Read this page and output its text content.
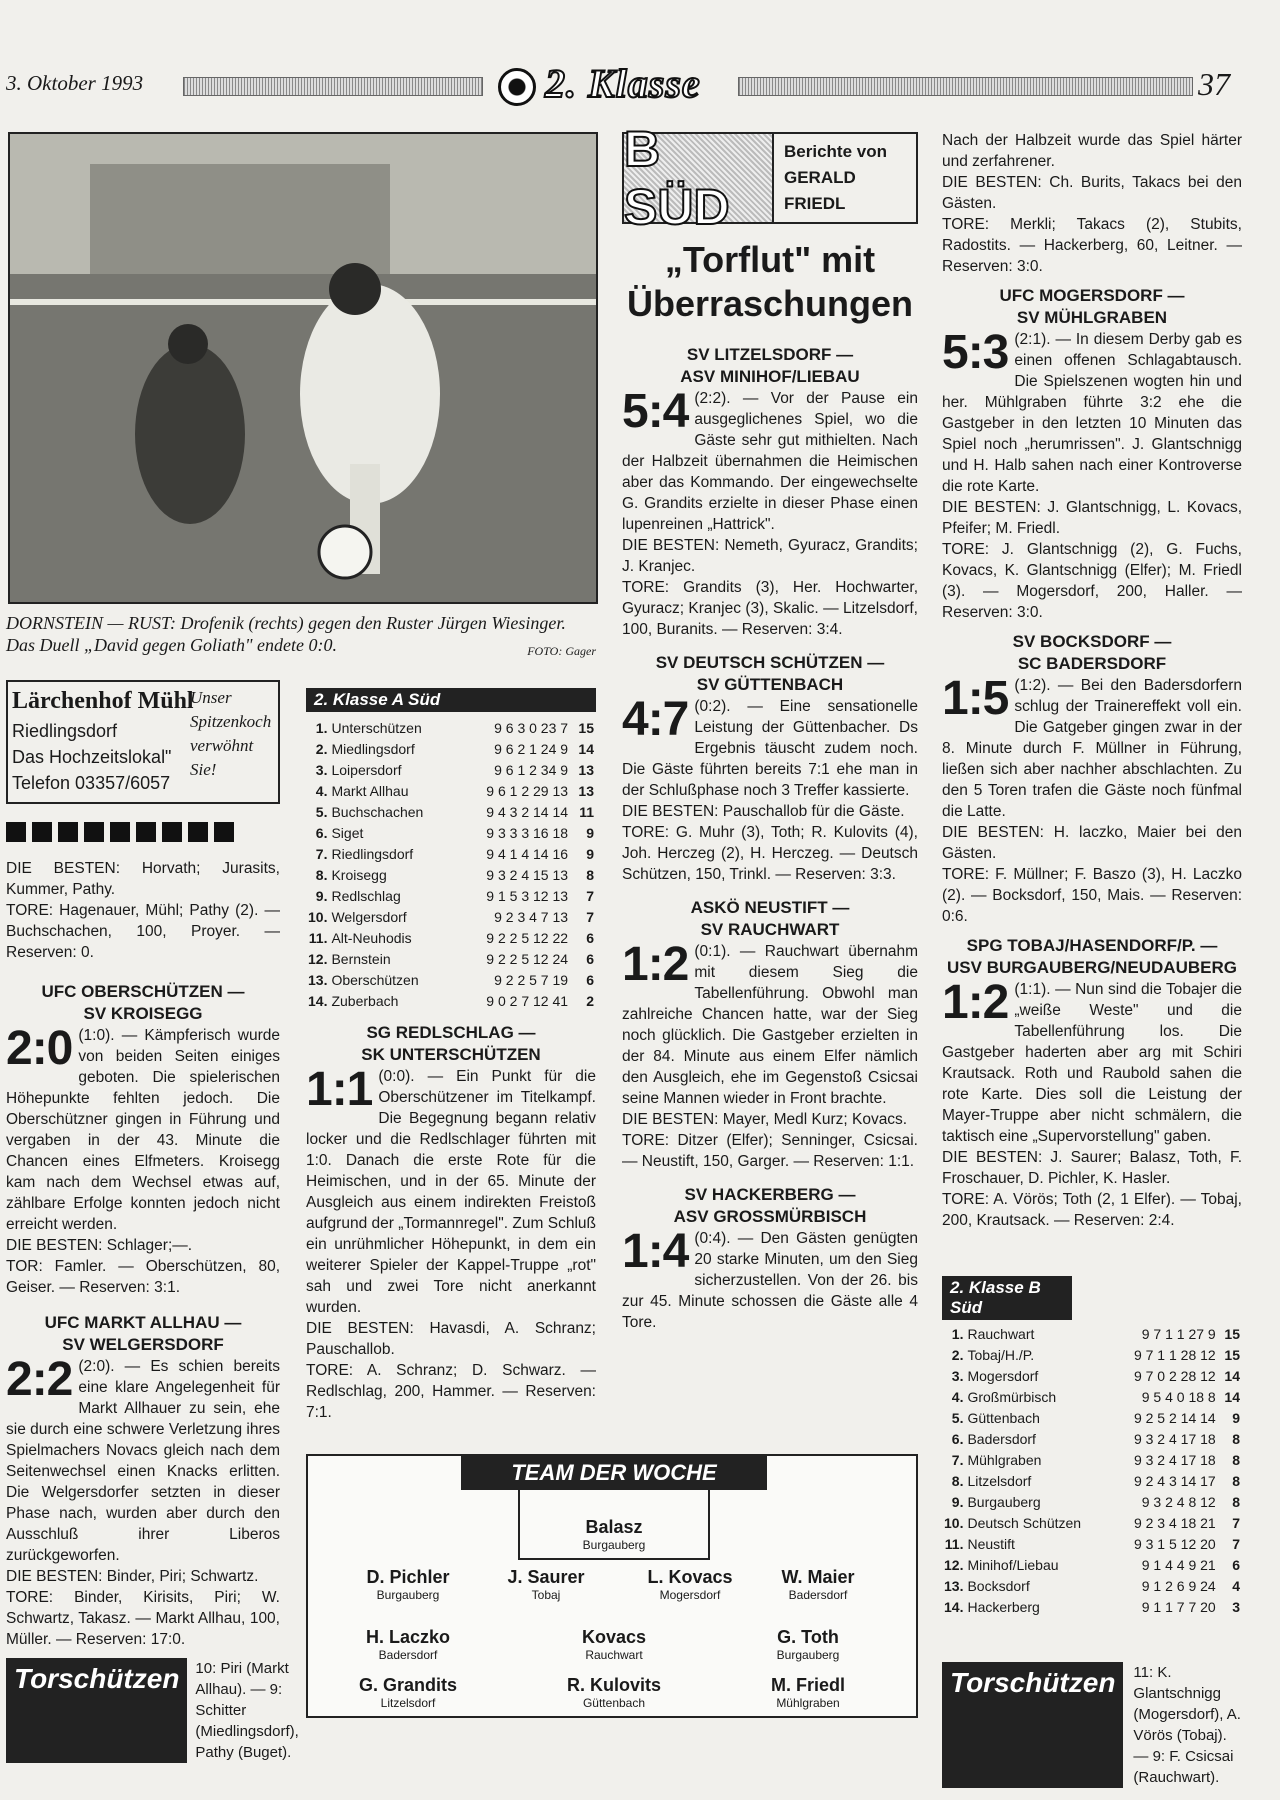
3. Oktober 1993	2. Klasse	37
DORNSTEIN — RUST: Drofenik (rechts) gegen den Ruster Jürgen Wiesinger.
Das Duell „David gegen Goliath" endete 0:0.	FOTO: Gager
Lärchenhof Mühl
Riedlingsdorf
Das Hochzeitslokal"
Telefon 03357/6057
Unser
Spitzenkoch
verwöhnt
Sie!

DIE BESTEN: Horvath; Jurasits, Kummer, Pathy.

TORE: Hagenauer, Mühl; Pathy (2). — Buchschachen, 100, Proyer. — Reserven: 0.

UFC OBERSCHÜTZEN —
SV KROISEGG

2:0 (1:0). — Kämpferisch wurde von beiden Seiten einiges geboten. Die spielerischen Höhepunkte fehlten jedoch. Die Oberschützner gingen in Führung und vergaben in der 43. Minute die Chancen eines Elfmeters. Kroisegg kam nach dem Wechsel etwas auf, zählbare Erfolge konnten jedoch nicht erreicht werden.

DIE BESTEN: Schlager;—.

TOR: Famler. — Oberschützen, 80, Geiser. — Reserven: 3:1.

UFC MARKT ALLHAU —
SV WELGERSDORF

2:2 (2:0). — Es schien bereits eine klare Angelegenheit für Markt Allhauer zu sein, ehe sie durch eine schwere Verletzung ihres Spielmachers Novacs gleich nach dem Seitenwechsel einen Knacks erlitten. Die Welgersdorfer setzten in dieser Phase nach, wurden aber durch den Ausschluß ihrer Liberos zurückgeworfen.

DIE BESTEN: Binder, Piri; Schwartz.

TORE: Binder, Kirisits, Piri; W. Schwartz, Takasz. — Markt Allhau, 100, Müller. — Reserven: 17:0.

Torschützen	10: Piri (Markt Allhau). — 9: Schitter (Miedlingsdorf), Pathy (Buget).
2. Klasse A Süd
1.	Unterschützen	9 6 3 0 23 7	15
2.	Miedlingsdorf	9 6 2 1 24 9	14
3.	Loipersdorf	9 6 1 2 34 9	13
4.	Markt Allhau	9 6 1 2 29 13	13
5.	Buchschachen	9 4 3 2 14 14	11
6.	Siget	9 3 3 3 16 18	9
7.	Riedlingsdorf	9 4 1 4 14 16	9
8.	Kroisegg	9 3 2 4 15 13	8
9.	Redlschlag	9 1 5 3 12 13	7
10.	Welgersdorf	9 2 3 4 7 13	7
11.	Alt-Neuhodis	9 2 2 5 12 22	6
12.	Bernstein	9 2 2 5 12 24	6
13.	Oberschützen	9 2 2 5 7 19	6
14.	Zuberbach	9 0 2 7 12 41	2
SG REDLSCHLAG —
SK UNTERSCHÜTZEN

1:1 (0:0). — Ein Punkt für die Oberschützener im Titelkampf. Die Begegnung begann relativ locker und die Redlschlager führten mit 1:0. Danach die erste Rote für die Heimischen, und in der 65. Minute der Ausgleich aus einem indirekten Freistoß aufgrund der „Tormannregel". Zum Schluß ein unrühmlicher Höhepunkt, in dem ein weiterer Spieler der Kappel-Truppe „rot" sah und zwei Tore nicht anerkannt wurden.

DIE BESTEN: Havasdi, A. Schranz; Pauschallob.

TORE: A. Schranz; D. Schwarz. — Redlschlag, 200, Hammer. — Reserven: 7:1.

B SÜD
Berichte von
GERALD FRIEDL
„Torflut" mit
Überraschungen
SV LITZELSDORF —
ASV MINIHOF/LIEBAU

5:4 (2:2). — Vor der Pause ein ausgeglichenes Spiel, wo die Gäste sehr gut mithielten. Nach der Halbzeit übernahmen die Heimischen aber das Kommando. Der eingewechselte G. Grandits erzielte in dieser Phase einen lupenreinen „Hattrick".

DIE BESTEN: Nemeth, Gyuracz, Grandits; J. Kranjec.

TORE: Grandits (3), Her. Hochwarter, Gyuracz; Kranjec (3), Skalic. — Litzelsdorf, 100, Buranits. — Reserven: 3:4.

SV DEUTSCH SCHÜTZEN —
SV GÜTTENBACH

4:7 (0:2). — Eine sensationelle Leistung der Güttenbacher. Ds Ergebnis täuscht zudem noch. Die Gäste führten bereits 7:1 ehe man in der Schlußphase noch 3 Treffer kassierte.

DIE BESTEN: Pauschallob für die Gäste.

TORE: G. Muhr (3), Toth; R. Kulovits (4), Joh. Herczeg (2), H. Herczeg. — Deutsch Schützen, 150, Trinkl. — Reserven: 3:3.

ASKÖ NEUSTIFT —
SV RAUCHWART

1:2 (0:1). — Rauchwart übernahm mit diesem Sieg die Tabellenführung. Obwohl man zahlreiche Chancen hatte, war der Sieg noch glücklich. Die Gastgeber erzielten in der 84. Minute aus einem Elfer nämlich den Ausgleich, ehe im Gegenstoß Csicsai seine Mannen wieder in Front brachte.

DIE BESTEN: Mayer, Medl Kurz; Kovacs.

TORE: Ditzer (Elfer); Senninger, Csicsai. — Neustift, 150, Garger. — Reserven: 1:1.

SV HACKERBERG —
ASV GROSSMÜRBISCH

1:4 (0:4). — Den Gästen genügten 20 starke Minuten, um den Sieg sicherzustellen. Von der 26. bis zur 45. Minute schossen die Gäste alle 4 Tore.

TEAM DER WOCHE
Balasz
Burgauberg
D. Pichler
Burgauberg
J. Saurer
Tobaj
L. Kovacs
Mogersdorf
W. Maier
Badersdorf
H. Laczko
Badersdorf
Kovacs
Rauchwart
G. Toth
Burgauberg
G. Grandits
Litzelsdorf
R. Kulovits
Güttenbach
M. Friedl
Mühlgraben

Nach der Halbzeit wurde das Spiel härter und zerfahrener.

DIE BESTEN: Ch. Burits, Takacs bei den Gästen.

TORE: Merkli; Takacs (2), Stubits, Radostits. — Hackerberg, 60, Leitner. — Reserven: 3:0.

UFC MOGERSDORF —
SV MÜHLGRABEN

5:3 (2:1). — In diesem Derby gab es einen offenen Schlagabtausch. Die Spielszenen wogten hin und her. Mühlgraben führte 3:2 ehe die Gastgeber in den letzten 10 Minuten das Spiel noch „herumrissen". J. Glantschnigg und H. Halb sahen nach einer Kontroverse die rote Karte.

DIE BESTEN: J. Glantschnigg, L. Kovacs, Pfeifer; M. Friedl.

TORE: J. Glantschnigg (2), G. Fuchs, Kovacs, K. Glantschnigg (Elfer); M. Friedl (3). — Mogersdorf, 200, Haller. — Reserven: 3:0.

SV BOCKSDORF —
SC BADERSDORF

1:5 (1:2). — Bei den Badersdorfern schlug der Trainereffekt voll ein. Die Gatgeber gingen zwar in der 8. Minute durch F. Müllner in Führung, ließen sich aber nachher abschlachten. Zu den 5 Toren trafen die Gäste noch fünfmal die Latte.

DIE BESTEN: H. laczko, Maier bei den Gästen.

TORE: F. Müllner; F. Baszo (3), H. Laczko (2). — Bocksdorf, 150, Mais. — Reserven: 0:6.

SPG TOBAJ/HASENDORF/P. —
USV BURGAUBERG/NEUDAUBERG

1:2 (1:1). — Nun sind die Tobajer die „weiße Weste" und die Tabellenführung los. Die Gastgeber haderten aber arg mit Schiri Krautsack. Roth und Raubold sahen die rote Karte. Dies soll die Leistung der Mayer-Truppe aber nicht schmälern, die taktisch eine „Supervorstellung" gaben.

DIE BESTEN: J. Saurer; Balasz, Toth, F. Froschauer, D. Pichler, K. Hasler.

TORE: A. Vörös; Toth (2, 1 Elfer). — Tobaj, 200, Krautsack. — Reserven: 2:4.

2. Klasse B Süd
1.	Rauchwart	9 7 1 1 27 9	15
2.	Tobaj/H./P.	9 7 1 1 28 12	15
3.	Mogersdorf	9 7 0 2 28 12	14
4.	Großmürbisch	9 5 4 0 18 8	14
5.	Güttenbach	9 2 5 2 14 14	9
6.	Badersdorf	9 3 2 4 17 18	8
7.	Mühlgraben	9 3 2 4 17 18	8
8.	Litzelsdorf	9 2 4 3 14 17	8
9.	Burgauberg	9 3 2 4 8 12	8
10.	Deutsch Schützen	9 2 3 4 18 21	7
11.	Neustift	9 3 1 5 12 20	7
12.	Minihof/Liebau	9 1 4 4 9 21	6
13.	Bocksdorf	9 1 2 6 9 24	4
14.	Hackerberg	9 1 1 7 7 20	3
Torschützen	11: K. Glantschnigg (Mogersdorf), A. Vörös (Tobaj). — 9: F. Csicsai (Rauchwart).
